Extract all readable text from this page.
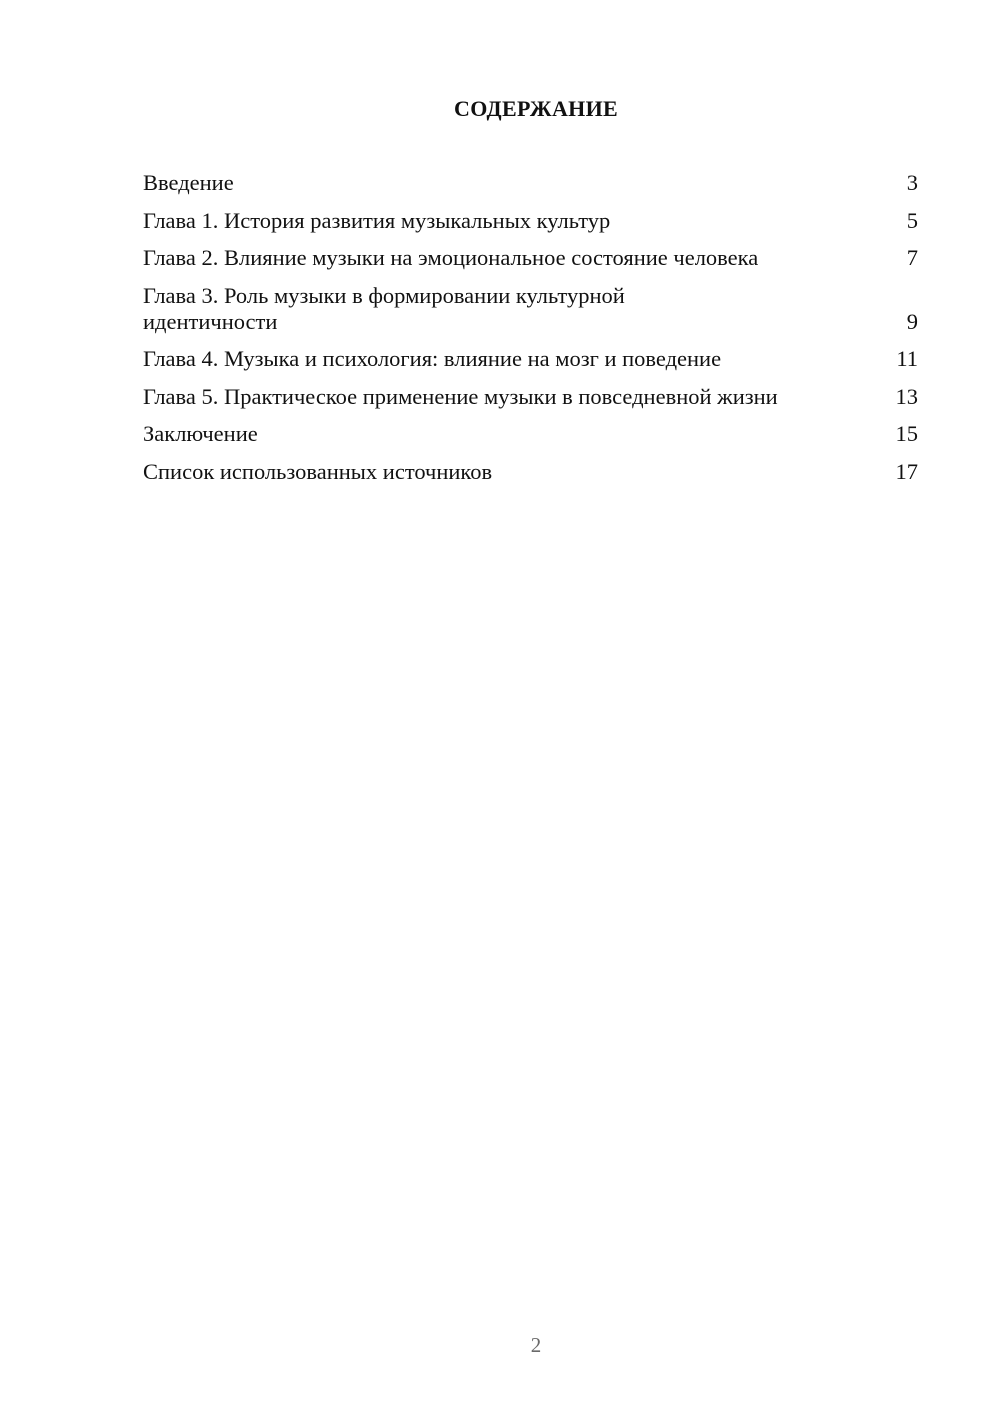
СОДЕРЖАНИЕ
Введение	3
Глава 1. История развития музыкальных культур	5
Глава 2. Влияние музыки на эмоциональное состояние человека	7
Глава 3. Роль музыки в формировании культурной идентичности	9
Глава 4. Музыка и психология: влияние на мозг и поведение	11
Глава 5. Практическое применение музыки в повседневной жизни	13
Заключение	15
Список использованных источников	17
2
